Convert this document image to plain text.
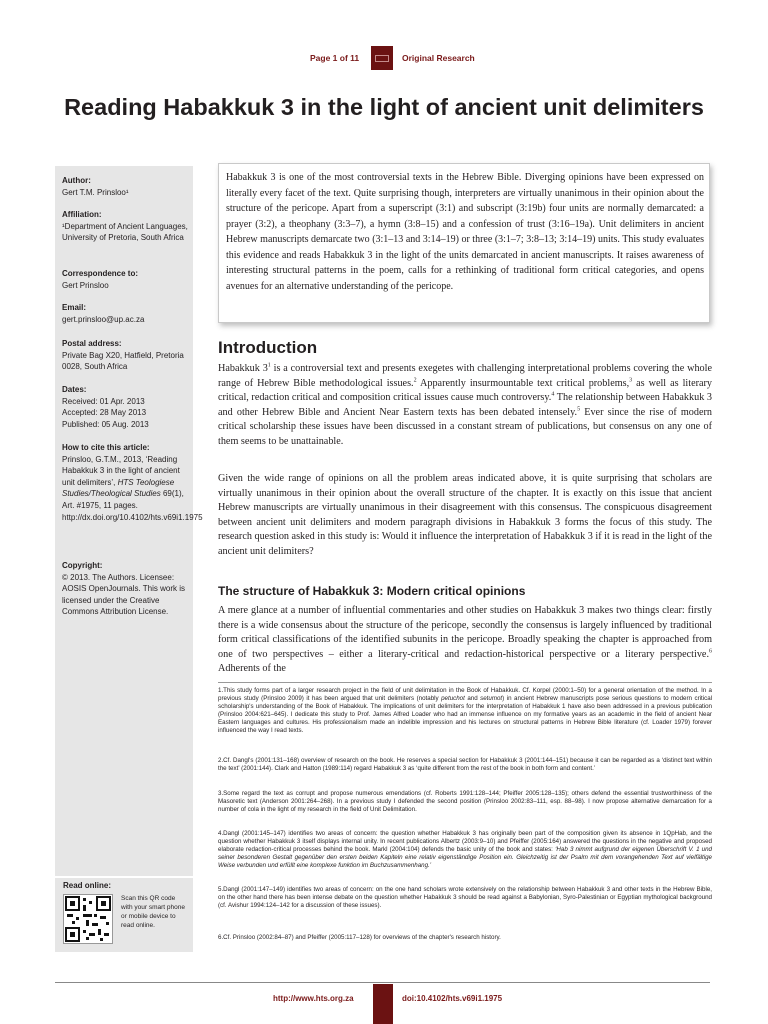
Page 1 of 11	Original Research
Reading Habakkuk 3 in the light of ancient unit delimiters
Author:
Gert T.M. Prinsloo¹
Affiliation:
¹Department of Ancient Languages, University of Pretoria, South Africa
Correspondence to:
Gert Prinsloo
Email:
gert.prinsloo@up.ac.za
Postal address:
Private Bag X20, Hatfield, Pretoria 0028, South Africa
Dates:
Received: 01 Apr. 2013
Accepted: 28 May 2013
Published: 05 Aug. 2013
How to cite this article:
Prinsloo, G.T.M., 2013, ‘Reading Habakkuk 3 in the light of ancient unit delimiters’, HTS Teologiese Studies/Theological Studies 69(1), Art. #1975, 11 pages. http://dx.doi.org/10.4102/hts.v69i1.1975
Copyright:
© 2013. The Authors. Licensee: AOSIS OpenJournals. This work is licensed under the Creative Commons Attribution License.
Read online:
Scan this QR code with your smart phone or mobile device to read online.

Habakkuk 3 is one of the most controversial texts in the Hebrew Bible. Diverging opinions have been expressed on literally every facet of the text. Quite surprising though, interpreters are virtually unanimous in their opinion about the structure of the pericope. Apart from a superscript (3:1) and subscript (3:19b) four units are normally demarcated: a prayer (3:2), a theophany (3:3–7), a hymn (3:8–15) and a confession of trust (3:16–19a). Unit delimiters in ancient Hebrew manuscripts demarcate two (3:1–13 and 3:14–19) or three (3:1–7; 3:8–13; 3:14–19) units. This study evaluates this evidence and reads Habakkuk 3 in the light of the units demarcated in ancient manuscripts. It raises awareness of interesting structural patterns in the poem, calls for a rethinking of traditional form critical categories, and opens avenues for an alternative understanding of the pericope.

Introduction

Habakkuk $3^1$ is a controversial text and presents exegetes with challenging interpretational problems covering the whole range of Hebrew Bible methodological issues.$^2$ Apparently insurmountable text critical problems,$^3$ as well as literary critical, redaction critical and composition critical issues cause much controversy.$^4$ The relationship between Habakkuk 3 and other Hebrew Bible and Ancient Near Eastern texts has been debated intensely.$^5$ Ever since the rise of modern critical scholarship these issues have been discussed in a constant stream of publications, but consensus on any one of them seems to be unattainable.

Given the wide range of opinions on all the problem areas indicated above, it is quite surprising that scholars are virtually unanimous in their opinion about the overall structure of the chapter. It is exactly on this issue that ancient Hebrew manuscripts are virtually unanimous in their disagreement with this consensus. The conspicuous disagreement between ancient unit delimiters and modern paragraph divisions in Habakkuk 3 forms the focus of this study. The research question asked in this study is: Would it influence the interpretation of Habakkuk 3 if it is read in the light of the ancient unit delimiters?

The structure of Habakkuk 3: Modern critical opinions

A mere glance at a number of influential commentaries and other studies on Habakkuk 3 makes two things clear: firstly there is a wide consensus about the structure of the pericope, secondly the consensus is largely influenced by traditional form critical classifications of the identified subunits in the pericope. Broadly speaking the chapter is approached from one of two perspectives – either a literary-critical and redaction-historical perspective or a literary perspective.$^6$ Adherents of the

1.This study forms part of a larger research project in the field of unit delimitation in the Book of Habakkuk. Cf. Korpel (2000:1–50) for a general orientation of the method. In a previous study (Prinsloo 2009) it has been argued that unit delimiters (notably petuchot and setumot) in ancient Hebrew manuscripts pose serious questions to modern critical scholarship's understanding of the Book of Habakkuk. The implications of unit delimiters for the interpretation of Habakkuk 1 have also been addressed in a previous publication (Prinsloo 2004:621–645). I dedicate this study to Prof. James Alfred Loader who had an immense influence on my formative years as an academic in the field of ancient Near Eastern languages and cultures. His professionalism made an indelible impression and his lectures on structural patterns in Hebrew Bible literature (cf. Loader 1979) forever influenced the way I read texts.

2.Cf. Dangl's (2001:131–168) overview of research on the book. He reserves a special section for Habakkuk 3 (2001:144–151) because it can be regarded as a ‘distinct text within the text’ (2001:144). Clark and Hatton (1989:114) regard Habakkuk 3 as ‘quite different from the rest of the book in both form and content.’

3.Some regard the text as corrupt and propose numerous emendations (cf. Roberts 1991:128–144; Pfeiffer 2005:128–135); others defend the essential trustworthiness of the Masoretic text (Anderson 2001:264–268). In a previous study I defended the second position (Prinsloo 2002:83–111, esp. 88–98). I now propose alternative demarcation for a number of cola in the light of my research in the field of Unit Delimitation.

4.Dangl (2001:145–147) identifies two areas of concern: the question whether Habakkuk 3 has originally been part of the composition given its absence in 1QpHab, and the question whether Habakkuk 3 itself displays internal unity. In recent publications Albertz (2003:9–10) and Pfeiffer (2005:164) answered the questions in the negative and proposed elaborate redaction-critical processes behind the book. Markl (2004:104) defends the basic unity of the book and states: ‘Hab 3 nimmt aufgrund der eigenen Überschrift V. 1 und seiner besonderen Gestalt gegenüber den ersten beiden Kapiteln eine relativ eigenständige Position ein. Gleichzeitig ist der Psalm mit dem vorangehenden Text auf vielfältige Weise verbunden und erfüllt eine komplexe funktion im Buchzusammenhang.’

5.Dangl (2001:147–149) identifies two areas of concern: on the one hand scholars wrote extensively on the relationship between Habakkuk 3 and other texts in the Hebrew Bible, on the other hand there has been intense debate on the question whether Habakkuk 3 should be read against a Babylonian, Syro-Palestinian or Egyptian mythological background (cf. Avishur 1994:124–142 for a discussion of these issues).

6.Cf. Prinsloo (2002:84–87) and Pfeiffer (2005:117–128) for overviews of the chapter's research history.

http://www.hts.org.za	doi:10.4102/hts.v69i1.1975
